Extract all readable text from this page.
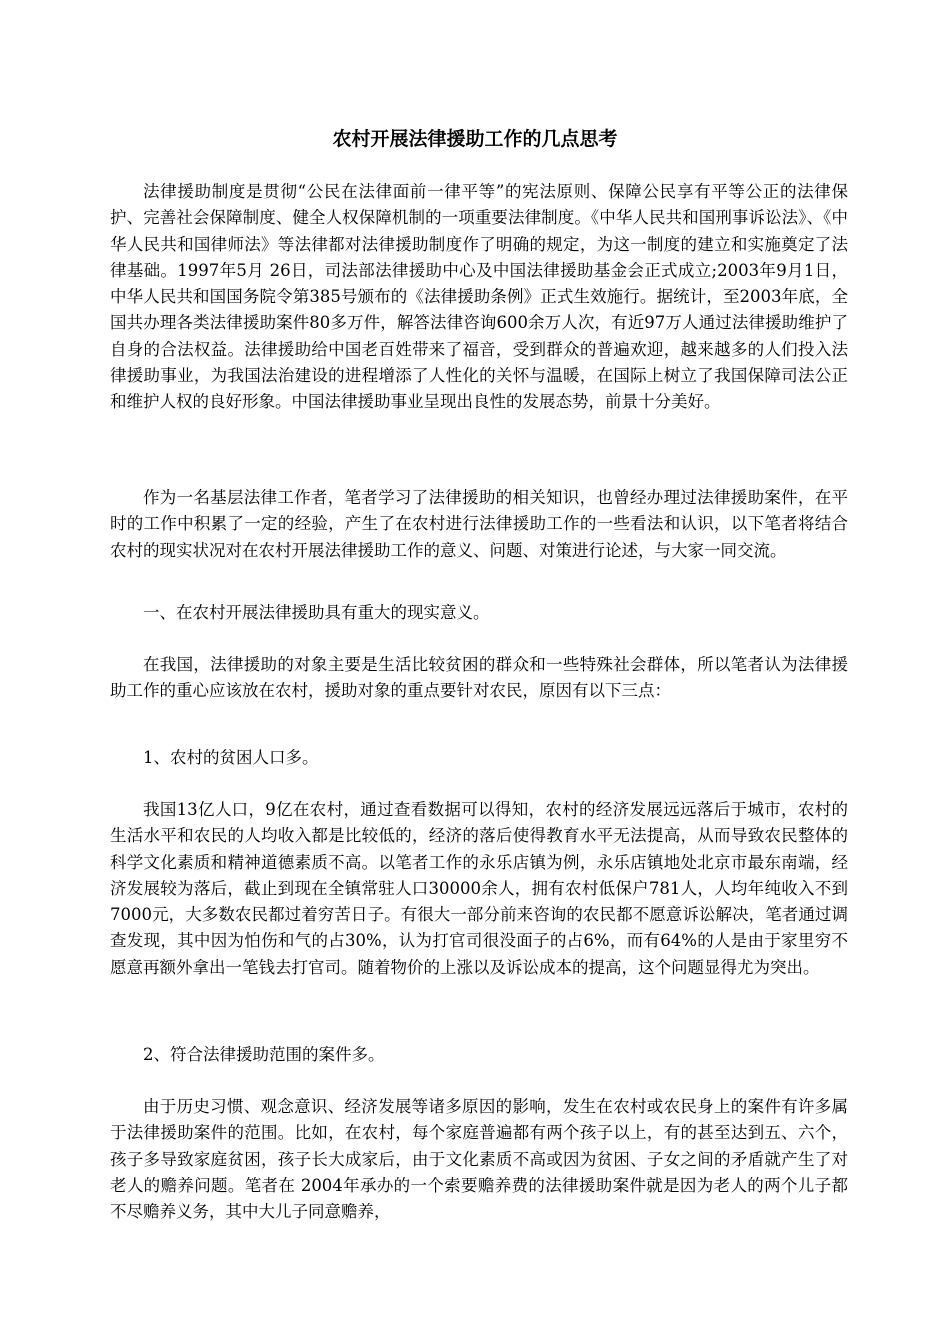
农村开展法律援助工作的几点思考

法律援助制度是贯彻“公民在法律面前一律平等”的宪法原则、保障公民享有平等公正的法律保护、完善社会保障制度、健全人权保障机制的一项重要法律制度。《中华人民共和国刑事诉讼法》、《中华人民共和国律师法》等法律都对法律援助制度作了明确的规定，为这一制度的建立和实施奠定了法律基础。1997年5月 26日，司法部法律援助中心及中国法律援助基金会正式成立;2003年9月1日，中华人民共和国国务院令第385号颁布的《法律援助条例》正式生效施行。据统计，至2003年底，全国共办理各类法律援助案件80多万件，解答法律咨询600余万人次，有近97万人通过法律援助维护了自身的合法权益。法律援助给中国老百姓带来了福音，受到群众的普遍欢迎，越来越多的人们投入法律援助事业，为我国法治建设的进程增添了人性化的关怀与温暖，在国际上树立了我国保障司法公正和维护人权的良好形象。中国法律援助事业呈现出良性的发展态势，前景十分美好。

作为一名基层法律工作者，笔者学习了法律援助的相关知识，也曾经办理过法律援助案件，在平时的工作中积累了一定的经验，产生了在农村进行法律援助工作的一些看法和认识，以下笔者将结合农村的现实状况对在农村开展法律援助工作的意义、问题、对策进行论述，与大家一同交流。

一、在农村开展法律援助具有重大的现实意义。

在我国，法律援助的对象主要是生活比较贫困的群众和一些特殊社会群体，所以笔者认为法律援助工作的重心应该放在农村，援助对象的重点要针对农民，原因有以下三点：

1、农村的贫困人口多。

我国13亿人口，9亿在农村，通过查看数据可以得知，农村的经济发展远远落后于城市，农村的生活水平和农民的人均收入都是比较低的，经济的落后使得教育水平无法提高，从而导致农民整体的科学文化素质和精神道德素质不高。以笔者工作的永乐店镇为例，永乐店镇地处北京市最东南端，经济发展较为落后，截止到现在全镇常驻人口30000余人，拥有农村低保户781人，人均年纯收入不到7000元，大多数农民都过着穷苦日子。有很大一部分前来咨询的农民都不愿意诉讼解决，笔者通过调查发现，其中因为怕伤和气的占30%，认为打官司很没面子的占6%，而有64%的人是由于家里穷不愿意再额外拿出一笔钱去打官司。随着物价的上涨以及诉讼成本的提高，这个问题显得尤为突出。

2、符合法律援助范围的案件多。

由于历史习惯、观念意识、经济发展等诸多原因的影响，发生在农村或农民身上的案件有许多属于法律援助案件的范围。比如，在农村，每个家庭普遍都有两个孩子以上，有的甚至达到五、六个，孩子多导致家庭贫困，孩子长大成家后，由于文化素质不高或因为贫困、子女之间的矛盾就产生了对老人的赡养问题。笔者在 2004年承办的一个索要赡养费的法律援助案件就是因为老人的两个儿子都不尽赡养义务，其中大儿子同意赡养，
